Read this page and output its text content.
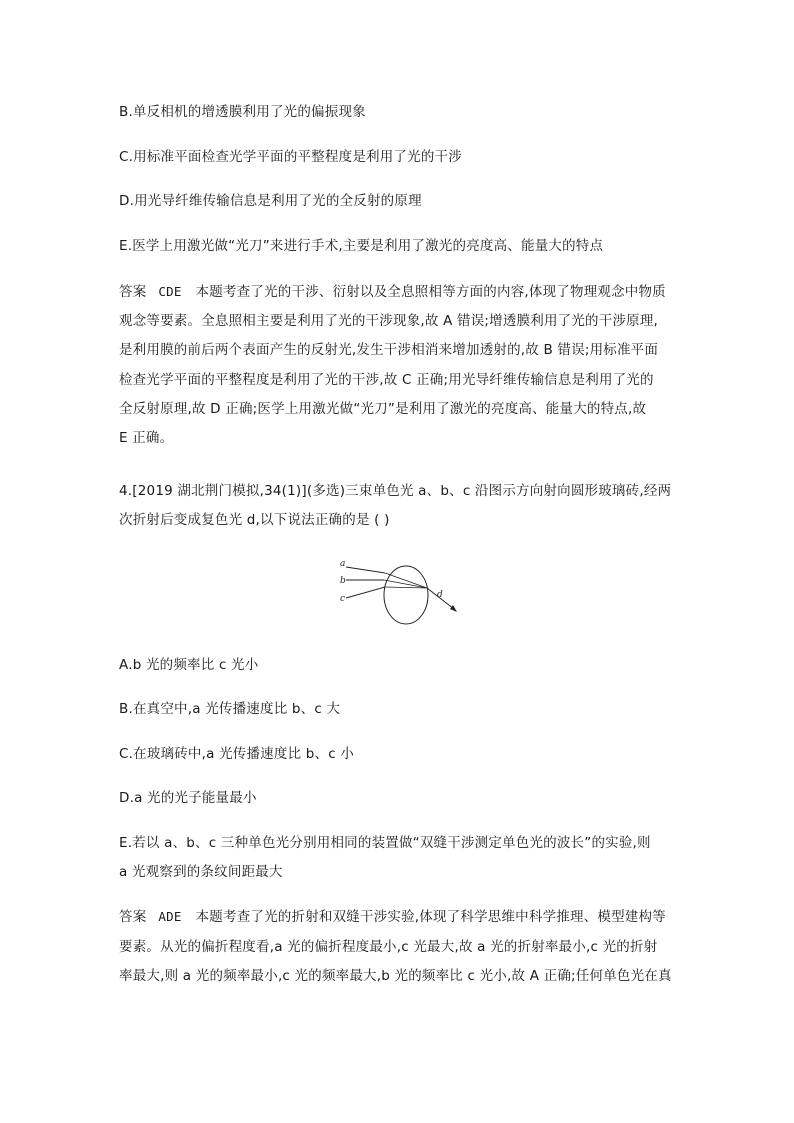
B.单反相机的增透膜利用了光的偏振现象
C.用标准平面检查光学平面的平整程度是利用了光的干涉
D.用光导纤维传输信息是利用了光的全反射的原理
E.医学上用激光做“光刀”来进行手术,主要是利用了激光的亮度高、能量大的特点
答案 CDE 本题考查了光的干涉、衍射以及全息照相等方面的内容,体现了物理观念中物质
观念等要素。全息照相主要是利用了光的干涉现象,故 A 错误;增透膜利用了光的干涉原理,
是利用膜的前后两个表面产生的反射光,发生干涉相消来增加透射的,故 B 错误;用标准平面
检查光学平面的平整程度是利用了光的干涉,故 C 正确;用光导纤维传输信息是利用了光的
全反射原理,故 D 正确;医学上用激光做“光刀”是利用了激光的亮度高、能量大的特点,故
E 正确。
4.[2019 湖北荆门模拟,34(1)](多选)三束单色光 a、b、c 沿图示方向射向圆形玻璃砖,经两
次折射后变成复色光 d,以下说法正确的是 ( )
a
b
c	d
A.b 光的频率比 c 光小
B.在真空中,a 光传播速度比 b、c 大
C.在玻璃砖中,a 光传播速度比 b、c 小
D.a 光的光子能量最小
E.若以 a、b、c 三种单色光分别用相同的装置做“双缝干涉测定单色光的波长”的实验,则
a 光观察到的条纹间距最大
答案 ADE 本题考查了光的折射和双缝干涉实验,体现了科学思维中科学推理、模型建构等
要素。从光的偏折程度看,a 光的偏折程度最小,c 光最大,故 a 光的折射率最小,c 光的折射
率最大,则 a 光的频率最小,c 光的频率最大,b 光的频率比 c 光小,故 A 正确;任何单色光在真
